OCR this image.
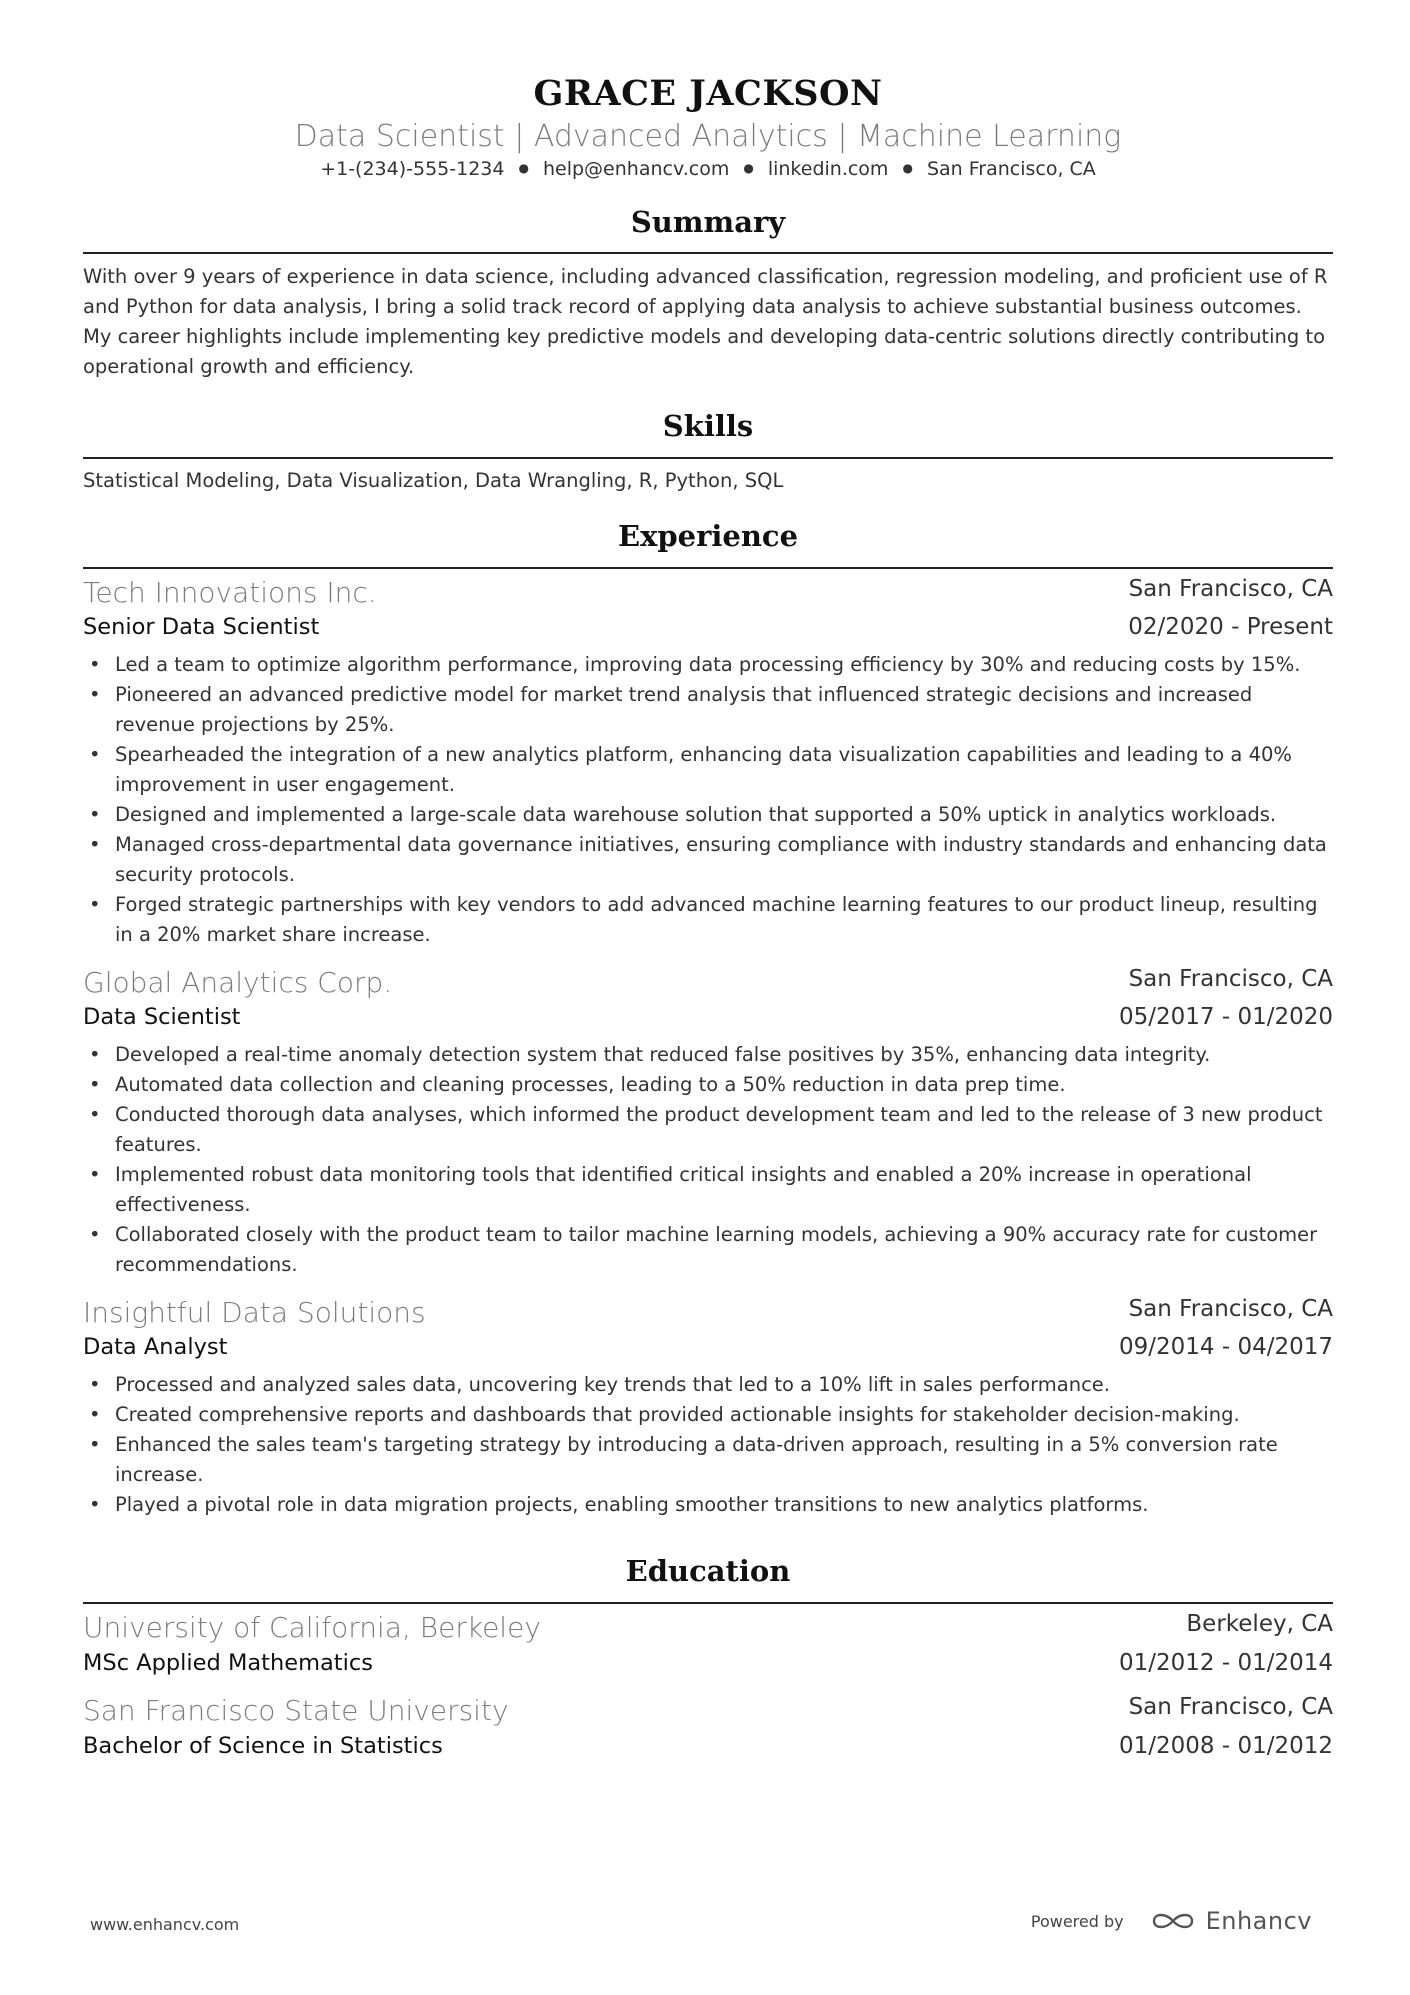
GRACE JACKSON
Data Scientist | Advanced Analytics | Machine Learning
+1-(234)-555-1234 ● help@enhancv.com ● linkedin.com ● San Francisco, CA
Summary
With over 9 years of experience in data science, including advanced classification, regression modeling, and proficient use of R and Python for data analysis, I bring a solid track record of applying data analysis to achieve substantial business outcomes. My career highlights include implementing key predictive models and developing data-centric solutions directly contributing to operational growth and efficiency.
Skills
Statistical Modeling, Data Visualization, Data Wrangling, R, Python, SQL
Experience
Tech Innovations Inc.	San Francisco, CA
Senior Data Scientist	02/2020 - Present
• Led a team to optimize algorithm performance, improving data processing efficiency by 30% and reducing costs by 15%.
• Pioneered an advanced predictive model for market trend analysis that influenced strategic decisions and increased revenue projections by 25%.
• Spearheaded the integration of a new analytics platform, enhancing data visualization capabilities and leading to a 40% improvement in user engagement.
• Designed and implemented a large-scale data warehouse solution that supported a 50% uptick in analytics workloads.
• Managed cross-departmental data governance initiatives, ensuring compliance with industry standards and enhancing data security protocols.
• Forged strategic partnerships with key vendors to add advanced machine learning features to our product lineup, resulting in a 20% market share increase.
Global Analytics Corp.	San Francisco, CA
Data Scientist	05/2017 - 01/2020
• Developed a real-time anomaly detection system that reduced false positives by 35%, enhancing data integrity.
• Automated data collection and cleaning processes, leading to a 50% reduction in data prep time.
• Conducted thorough data analyses, which informed the product development team and led to the release of 3 new product features.
• Implemented robust data monitoring tools that identified critical insights and enabled a 20% increase in operational effectiveness.
• Collaborated closely with the product team to tailor machine learning models, achieving a 90% accuracy rate for customer recommendations.
Insightful Data Solutions	San Francisco, CA
Data Analyst	09/2014 - 04/2017
• Processed and analyzed sales data, uncovering key trends that led to a 10% lift in sales performance.
• Created comprehensive reports and dashboards that provided actionable insights for stakeholder decision-making.
• Enhanced the sales team's targeting strategy by introducing a data-driven approach, resulting in a 5% conversion rate increase.
• Played a pivotal role in data migration projects, enabling smoother transitions to new analytics platforms.
Education
University of California, Berkeley	Berkeley, CA
MSc Applied Mathematics	01/2012 - 01/2014
San Francisco State University	San Francisco, CA
Bachelor of Science in Statistics	01/2008 - 01/2012
www.enhancv.com	Powered by	Enhancv
